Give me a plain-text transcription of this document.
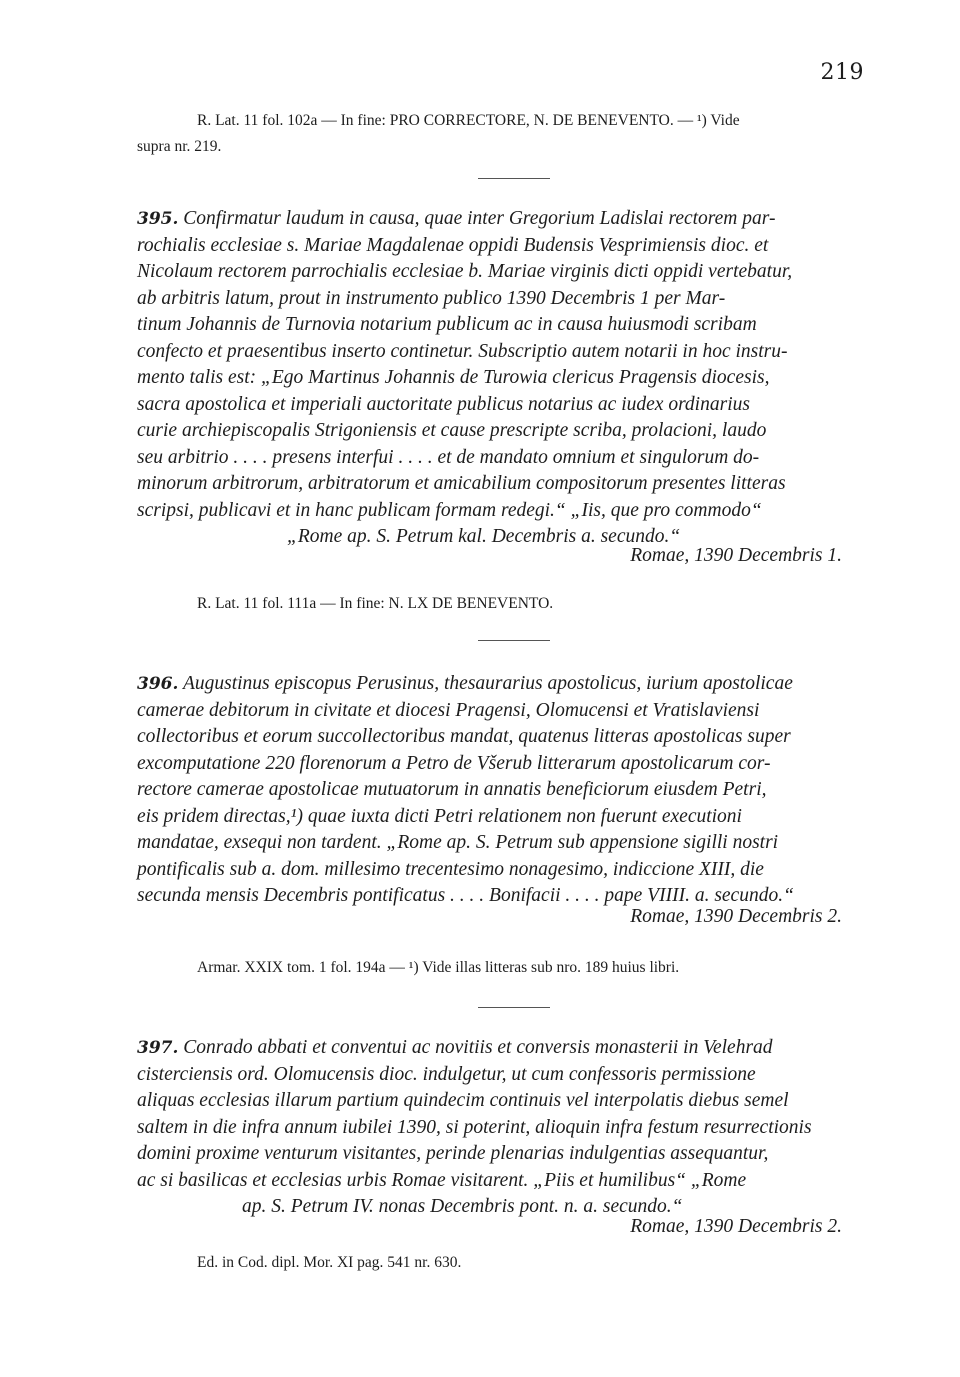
219
R. Lat. 11 fol. 102a — In fine: PRO CORRECTORE, N. DE BENEVENTO. — ¹) Vide
supra nr. 219.
395. Confirmatur laudum in causa, quae inter Gregorium Ladislai rectorem par-
rochialis ecclesiae s. Mariae Magdalenae oppidi Budensis Vesprimiensis dioc. et
Nicolaum rectorem parrochialis ecclesiae b. Mariae virginis dicti oppidi vertebatur,
ab arbitris latum, prout in instrumento publico 1390 Decembris 1 per Mar-
tinum Johannis de Turnovia notarium publicum ac in causa huiusmodi scribam
confecto et praesentibus inserto continetur. Subscriptio autem notarii in hoc instru-
mento talis est: „Ego Martinus Johannis de Turowia clericus Pragensis diocesis,
sacra apostolica et imperiali auctoritate publicus notarius ac iudex ordinarius
curie archiepiscopalis Strigoniensis et cause prescripte scriba, prolacioni, laudo
seu arbitrio . . . . presens interfui . . . . et de mandato omnium et singulorum do-
minorum arbitrorum, arbitratorum et amicabilium compositorum presentes litteras
scripsi, publicavi et in hanc publicam formam redegi.“ „Iis, que pro commodo“
„Rome ap. S. Petrum kal. Decembris a. secundo.“
Romae, 1390 Decembris 1.
R. Lat. 11 fol. 111a — In fine: N. LX DE BENEVENTO.
396. Augustinus episcopus Perusinus, thesaurarius apostolicus, iurium apostolicae
camerae debitorum in civitate et diocesi Pragensi, Olomucensi et Vratislaviensi
collectoribus et eorum succollectoribus mandat, quatenus litteras apostolicas super
excomputatione 220 florenorum a Petro de Všerub litterarum apostolicarum cor-
rectore camerae apostolicae mutuatorum in annatis beneficiorum eiusdem Petri,
eis pridem directas,¹) quae iuxta dicti Petri relationem non fuerunt executioni
mandatae, exsequi non tardent. „Rome ap. S. Petrum sub appensione sigilli nostri
pontificalis sub a. dom. millesimo trecentesimo nonagesimo, indiccione XIII, die
secunda mensis Decembris pontificatus . . . . Bonifacii . . . . pape VIIII. a. secundo.“
Romae, 1390 Decembris 2.
Armar. XXIX tom. 1 fol. 194a — ¹) Vide illas litteras sub nro. 189 huius libri.
397. Conrado abbati et conventui ac novitiis et conversis monasterii in Velehrad
cisterciensis ord. Olomucensis dioc. indulgetur, ut cum confessoris permissione
aliquas ecclesias illarum partium quindecim continuis vel interpolatis diebus semel
saltem in die infra annum iubilei 1390, si poterint, alioquin infra festum resurrectionis
domini proxime venturum visitantes, perinde plenarias indulgentias assequantur,
ac si basilicas et ecclesias urbis Romae visitarent. „Piis et humilibus“ „Rome
ap. S. Petrum IV. nonas Decembris pont. n. a. secundo.“
Romae, 1390 Decembris 2.
Ed. in Cod. dipl. Mor. XI pag. 541 nr. 630.
